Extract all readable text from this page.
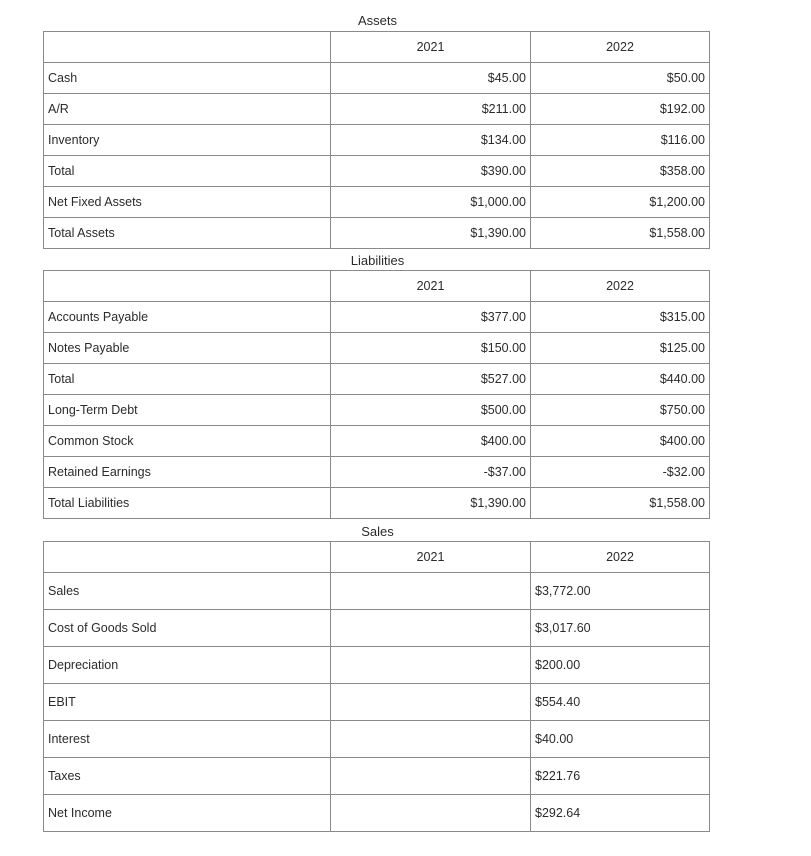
Assets
	2021	2022
Cash	$45.00	$50.00
A/R	$211.00	$192.00
Inventory	$134.00	$116.00
Total	$390.00	$358.00
Net Fixed Assets	$1,000.00	$1,200.00
Total Assets	$1,390.00	$1,558.00
Liabilities
	2021	2022
Accounts Payable	$377.00	$315.00
Notes Payable	$150.00	$125.00
Total	$527.00	$440.00
Long-Term Debt	$500.00	$750.00
Common Stock	$400.00	$400.00
Retained Earnings	-$37.00	-$32.00
Total Liabilities	$1,390.00	$1,558.00
Sales
	2021	2022
Sales		$3,772.00
Cost of Goods Sold		$3,017.60
Depreciation		$200.00
EBIT		$554.40
Interest		$40.00
Taxes		$221.76
Net Income		$292.64
